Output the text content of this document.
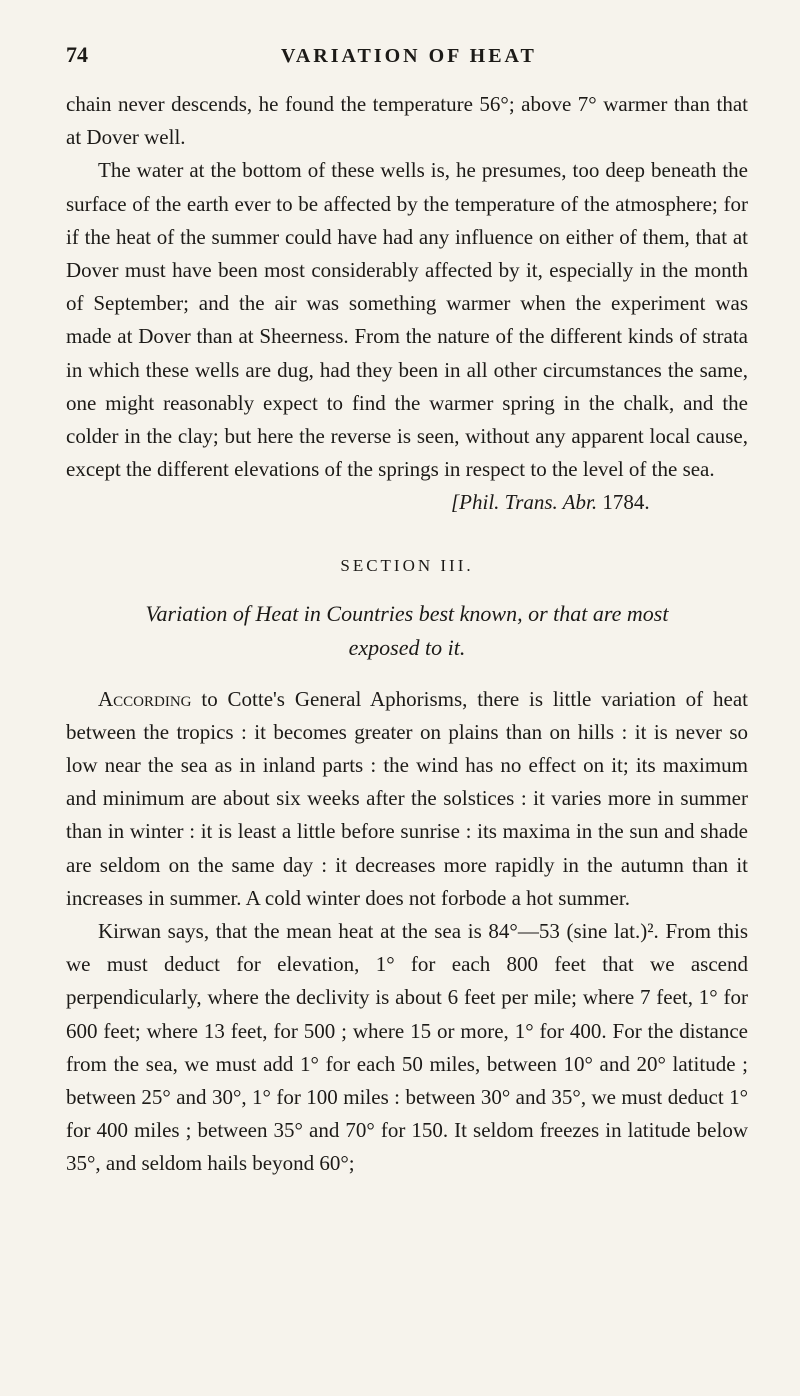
74	VARIATION OF HEAT

chain never descends, he found the temperature 56°; above 7° warmer than that at Dover well.

The water at the bottom of these wells is, he presumes, too deep beneath the surface of the earth ever to be affected by the temperature of the atmosphere; for if the heat of the summer could have had any influence on either of them, that at Dover must have been most considerably affected by it, especially in the month of September; and the air was something warmer when the experiment was made at Dover than at Sheerness. From the nature of the different kinds of strata in which these wells are dug, had they been in all other circumstances the same, one might reasonably expect to find the warmer spring in the chalk, and the colder in the clay; but here the reverse is seen, without any apparent local cause, except the different elevations of the springs in respect to the level of the sea.

[Phil. Trans. Abr. 1784.

SECTION III.
Variation of Heat in Countries best known, or that are most
exposed to it.

According to Cotte's General Aphorisms, there is little variation of heat between the tropics : it becomes greater on plains than on hills : it is never so low near the sea as in inland parts : the wind has no effect on it; its maximum and minimum are about six weeks after the solstices : it varies more in summer than in winter : it is least a little before sunrise : its maxima in the sun and shade are seldom on the same day : it decreases more rapidly in the autumn than it increases in summer. A cold winter does not forbode a hot summer.

Kirwan says, that the mean heat at the sea is 84°—53 (sine lat.)². From this we must deduct for elevation, 1° for each 800 feet that we ascend perpendicularly, where the declivity is about 6 feet per mile; where 7 feet, 1° for 600 feet; where 13 feet, for 500 ; where 15 or more, 1° for 400. For the distance from the sea, we must add 1° for each 50 miles, between 10° and 20° latitude ; between 25° and 30°, 1° for 100 miles : between 30° and 35°, we must deduct 1° for 400 miles ; between 35° and 70° for 150. It seldom freezes in latitude below 35°, and seldom hails beyond 60°;
